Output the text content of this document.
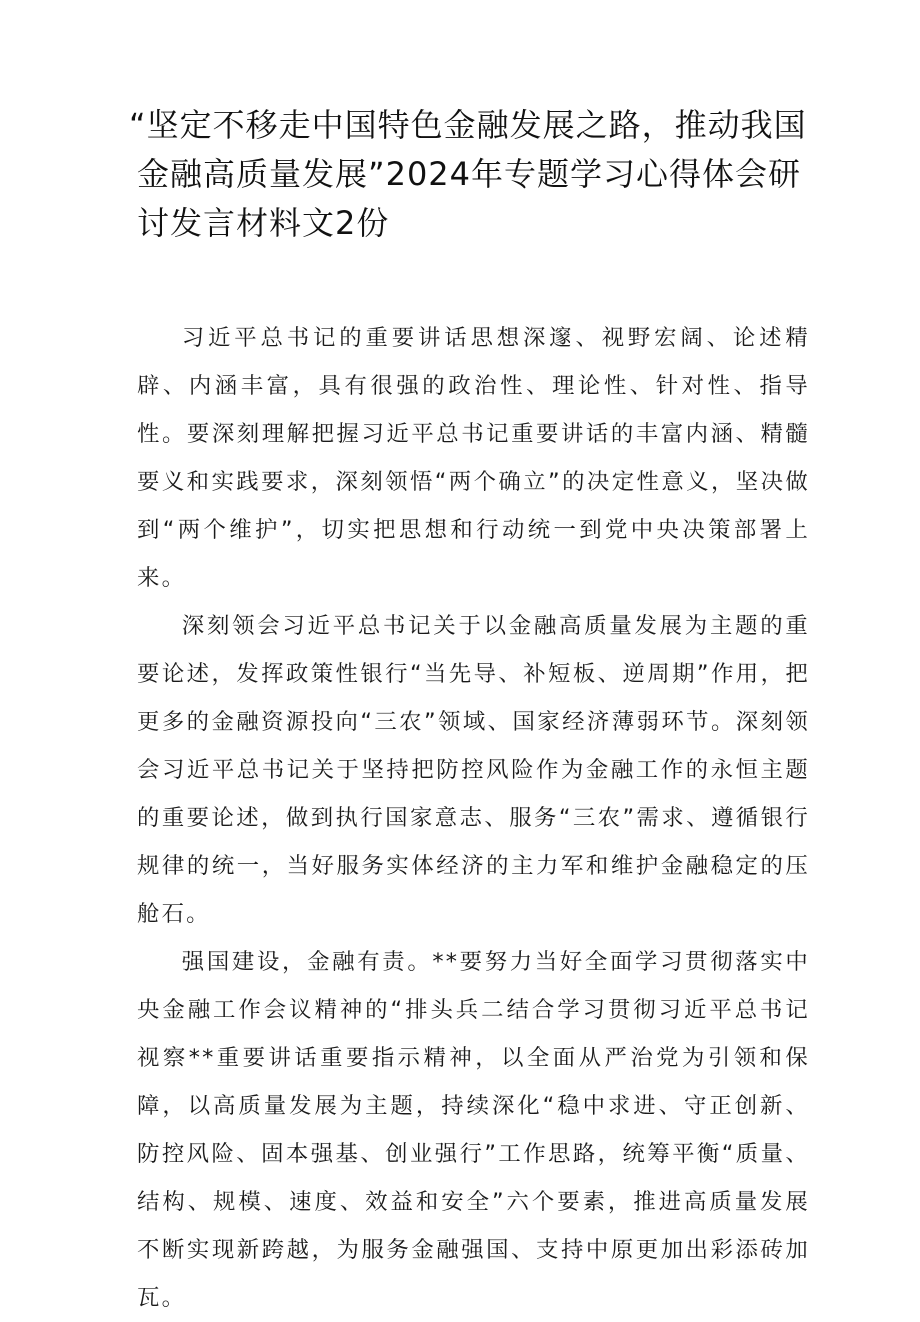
“坚定不移走中国特色金融发展之路，推动我国金融高质量发展”2024年专题学习心得体会研讨发言材料文2份

习近平总书记的重要讲话思想深邃、视野宏阔、论述精辟、内涵丰富，具有很强的政治性、理论性、针对性、指导性。要深刻理解把握习近平总书记重要讲话的丰富内涵、精髓要义和实践要求，深刻领悟“两个确立”的决定性意义，坚决做到“两个维护”，切实把思想和行动统一到党中央决策部署上来。

深刻领会习近平总书记关于以金融高质量发展为主题的重要论述，发挥政策性银行“当先导、补短板、逆周期”作用，把更多的金融资源投向“三农”领域、国家经济薄弱环节。深刻领会习近平总书记关于坚持把防控风险作为金融工作的永恒主题的重要论述，做到执行国家意志、服务“三农”需求、遵循银行规律的统一，当好服务实体经济的主力军和维护金融稳定的压舱石。

强国建设，金融有责。**要努力当好全面学习贯彻落实中央金融工作会议精神的“排头兵二结合学习贯彻习近平总书记视察**重要讲话重要指示精神，以全面从严治党为引领和保障，以高质量发展为主题，持续深化“稳中求进、守正创新、防控风险、固本强基、创业强行”工作思路，统筹平衡“质量、结构、规模、速度、效益和安全”六个要素，推进高质量发展不断实现新跨越，为服务金融强国、支持中原更加出彩添砖加瓦。
